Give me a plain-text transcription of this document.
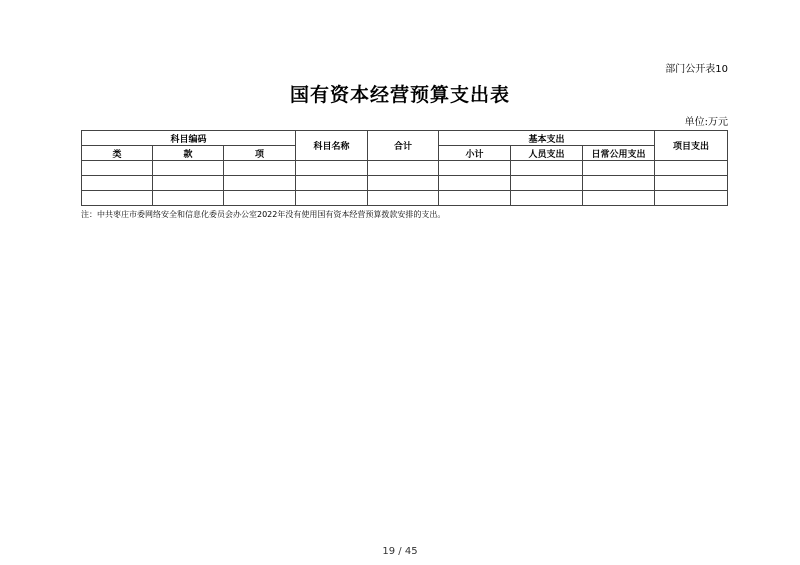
部门公开表10
国有资本经营预算支出表
单位:万元
科目编码			科目名称	合计	基本支出			项目支出
类	款	项			小计	人员支出	日常公用支出	

注：中共枣庄市委网络安全和信息化委员会办公室2022年没有使用国有资本经营预算拨款安排的支出。
19 / 45
